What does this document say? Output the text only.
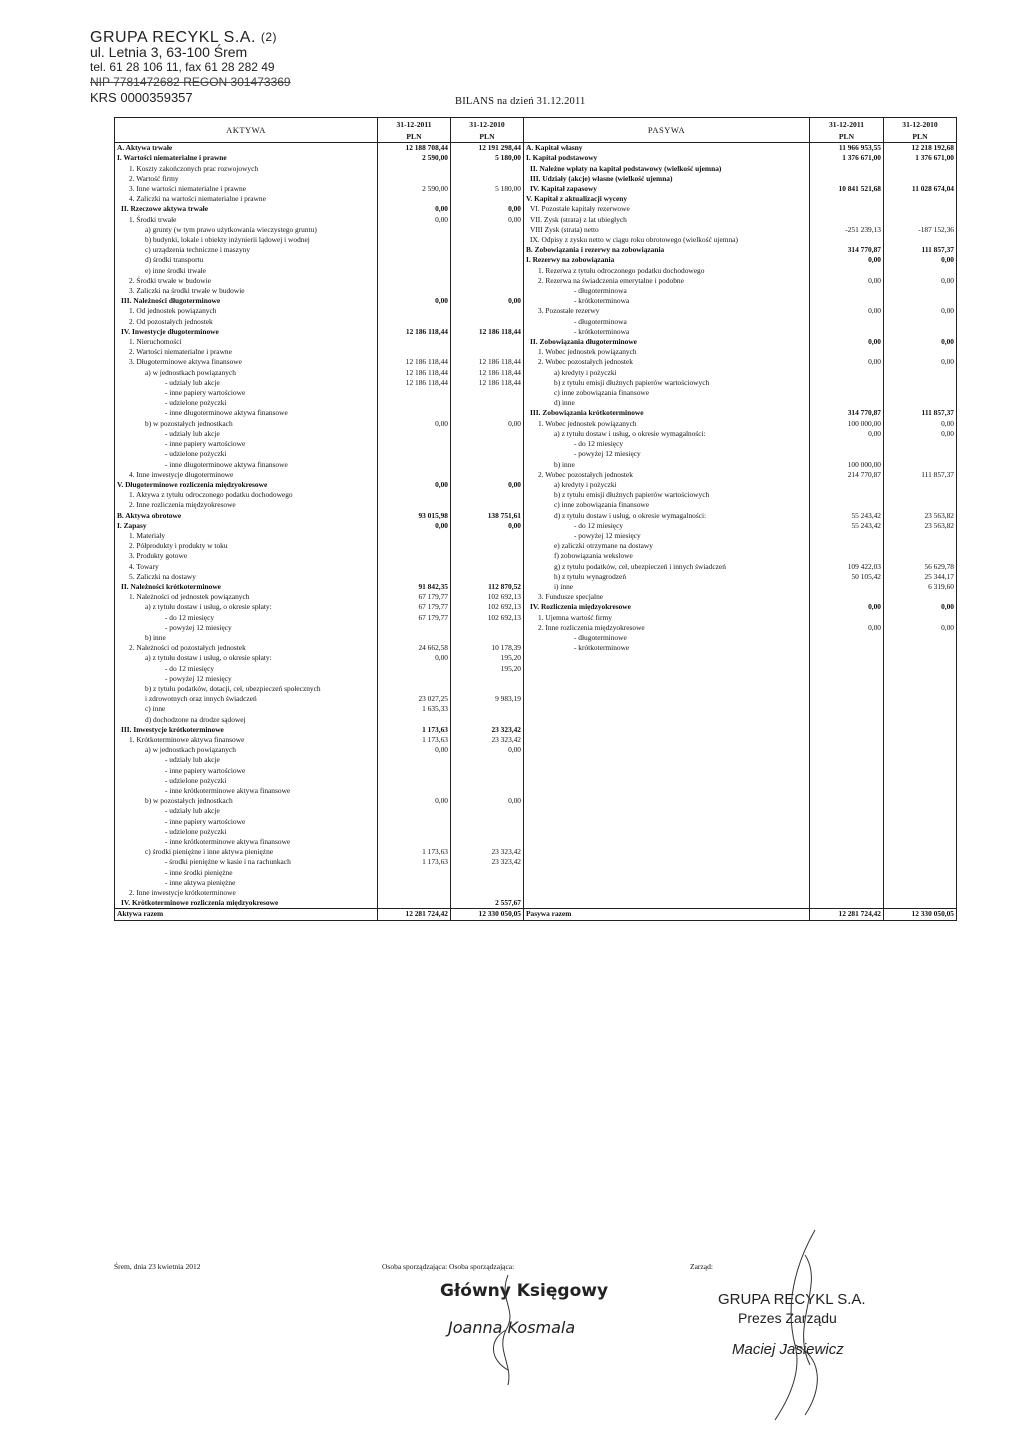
GRUPA RECYKL S.A. $^{(2)}$
ul. Letnia 3, 63-100 Śrem
tel. 61 28 106 11, fax 61 28 282 49
NIP 7781472682 REGON 301473369
KRS 0000359357	BILANS na dzień 31.12.2011
AKTYWA	31-12-2011	31-12-2010	PASYWA	31-12-2011	31-12-2010
	PLN	PLN		PLN	PLN
A. Aktywa trwałe	12 188 708,44	12 191 298,44	A. Kapitał własny	11 966 953,55	12 218 192,68
I. Wartości niematerialne i prawne	2 590,00	5 180,00	I. Kapitał podstawowy	1 376 671,00	1 376 671,00
1. Koszty zakończonych prac rozwojowych			II. Należne wpłaty na kapitał podstawowy (wielkość ujemna)		
2. Wartość firmy			III. Udziały (akcje) własne (wielkość ujemna)		
3. Inne wartości niematerialne i prawne	2 590,00	5 180,00	IV. Kapitał zapasowy	10 841 521,68	11 028 674,04
4. Zaliczki na wartości niematerialne i prawne			V. Kapitał z aktualizacji wyceny		
II. Rzeczowe aktywa trwałe	0,00	0,00	VI. Pozostałe kapitały rezerwowe		
1. Środki trwałe	0,00	0,00	VII. Zysk (strata) z lat ubiegłych		
a) grunty (w tym prawo użytkowania wieczystego gruntu)			VIII Zysk (strata) netto	-251 239,13	-187 152,36
b) budynki, lokale i obiekty inżynierii lądowej i wodnej			IX. Odpisy z zysku netto w ciągu roku obrotowego (wielkość ujemna)		
c) urządzenia techniczne i maszyny			B. Zobowiązania i rezerwy na zobowiązania	314 770,87	111 857,37
d) środki transportu			I. Rezerwy na zobowiązania	0,00	0,00
e) inne środki trwałe			1. Rezerwa z tytułu odroczonego podatku dochodowego		
2. Środki trwałe w budowie			2. Rezerwa na świadczenia emerytalne i podobne	0,00	0,00
3. Zaliczki na środki trwałe w budowie			- długoterminowa		
III. Należności długoterminowe	0,00	0,00	- krótkoterminowa		
1. Od jednostek powiązanych			3. Pozostałe rezerwy	0,00	0,00
2. Od pozostałych jednostek			- długoterminowa		
IV. Inwestycje długoterminowe	12 186 118,44	12 186 118,44	- krótkoterminowa		
1. Nieruchomości			II. Zobowiązania długoterminowe	0,00	0,00
2. Wartości niematerialne i prawne			1. Wobec jednostek powiązanych		
3. Długoterminowe aktywa finansowe	12 186 118,44	12 186 118,44	2. Wobec pozostałych jednostek	0,00	0,00
a) w jednostkach powiązanych	12 186 118,44	12 186 118,44	a) kredyty i pożyczki		
- udziały lub akcje	12 186 118,44	12 186 118,44	b) z tytułu emisji dłużnych papierów wartościowych		
- inne papiery wartościowe			c) inne zobowiązania finansowe		
- udzielone pożyczki			d) inne		
- inne długoterminowe aktywa finansowe			III. Zobowiązania krótkoterminowe	314 770,87	111 857,37
b) w pozostałych jednostkach	0,00	0,00	1. Wobec jednostek powiązanych	100 000,00	0,00
- udziały lub akcje			a) z tytułu dostaw i usług, o okresie wymagalności:	0,00	0,00
- inne papiery wartościowe			- do 12 miesięcy		
- udzielone pożyczki			- powyżej 12 miesięcy		
- inne długoterminowe aktywa finansowe			b) inne	100 000,00	
4. Inne inwestycje długoterminowe			2. Wobec pozostałych jednostek	214 770,87	111 857,37
V. Długoterminowe rozliczenia międzyokresowe	0,00	0,00	a) kredyty i pożyczki		
1. Aktywa z tytułu odroczonego podatku dochodowego			b) z tytułu emisji dłużnych papierów wartościowych		
2. Inne rozliczenia międzyokresowe			c) inne zobowiązania finansowe		
B. Aktywa obrotowe	93 015,98	138 751,61	d) z tytułu dostaw i usług, o okresie wymagalności:	55 243,42	23 563,82
I. Zapasy	0,00	0,00	- do 12 miesięcy	55 243,42	23 563,82
1. Materiały			- powyżej 12 miesięcy		
2. Półprodukty i produkty w toku			e) zaliczki otrzymane na dostawy		
3. Produkty gotowe			f) zobowiązania wekslowe		
4. Towary			g) z tytułu podatków, ceł, ubezpieczeń i innych świadczeń	109 422,03	56 629,78
5. Zaliczki na dostawy			h) z tytułu wynagrodzeń	50 105,42	25 344,17
II. Należności krótkoterminowe	91 842,35	112 870,52	i) inne		6 319,60
1. Należności od jednostek powiązanych	67 179,77	102 692,13	3. Fundusze specjalne		
a) z tytułu dostaw i usług, o okresie spłaty:	67 179,77	102 692,13	IV. Rozliczenia międzyokresowe	0,00	0,00
- do 12 miesięcy	67 179,77	102 692,13	1. Ujemna wartość firmy		
- powyżej 12 miesięcy			2. Inne rozliczenia międzyokresowe	0,00	0,00
b) inne			- długoterminowe		
2. Należności od pozostałych jednostek	24 662,58	10 178,39	- krótkoterminowe		
a) z tytułu dostaw i usług, o okresie spłaty:	0,00	195,20			
- do 12 miesięcy		195,20			
- powyżej 12 miesięcy					
b) z tytułu podatków, dotacji, ceł, ubezpieczeń społecznych					
i zdrowotnych oraz innych świadczeń	23 027,25	9 983,19			
c) inne	1 635,33				
d) dochodzone na drodze sądowej					
III. Inwestycje krótkoterminowe	1 173,63	23 323,42			
1. Krótkoterminowe aktywa finansowe	1 173,63	23 323,42			
a) w jednostkach powiązanych	0,00	0,00			
- udziały lub akcje					
- inne papiery wartościowe					
- udzielone pożyczki					
- inne krótkoterminowe aktywa finansowe					
b) w pozostałych jednostkach	0,00	0,00			
- udziały lub akcje					
- inne papiery wartościowe					
- udzielone pożyczki					
- inne krótkoterminowe aktywa finansowe					
c) środki pieniężne i inne aktywa pieniężne	1 173,63	23 323,42			
- środki pieniężne w kasie i na rachunkach	1 173,63	23 323,42			
- inne środki pieniężne					
- inne aktywa pieniężne					
2. Inne inwestycje krótkoterminowe					
IV. Krótkoterminowe rozliczenia międzyokresowe		2 557,67			
Aktywa razem	12 281 724,42	12 330 050,05	Pasywa razem	12 281 724,42	12 330 050,05
Śrem, dnia 23 kwietnia 2012	Osoba sporządzająca: Osoba sporządzająca:	Zarząd:
Główny Księgowy
Joanna Kosmala
GRUPA RECYKL S.A.
Prezes Zarządu
Maciej Jasiewicz
